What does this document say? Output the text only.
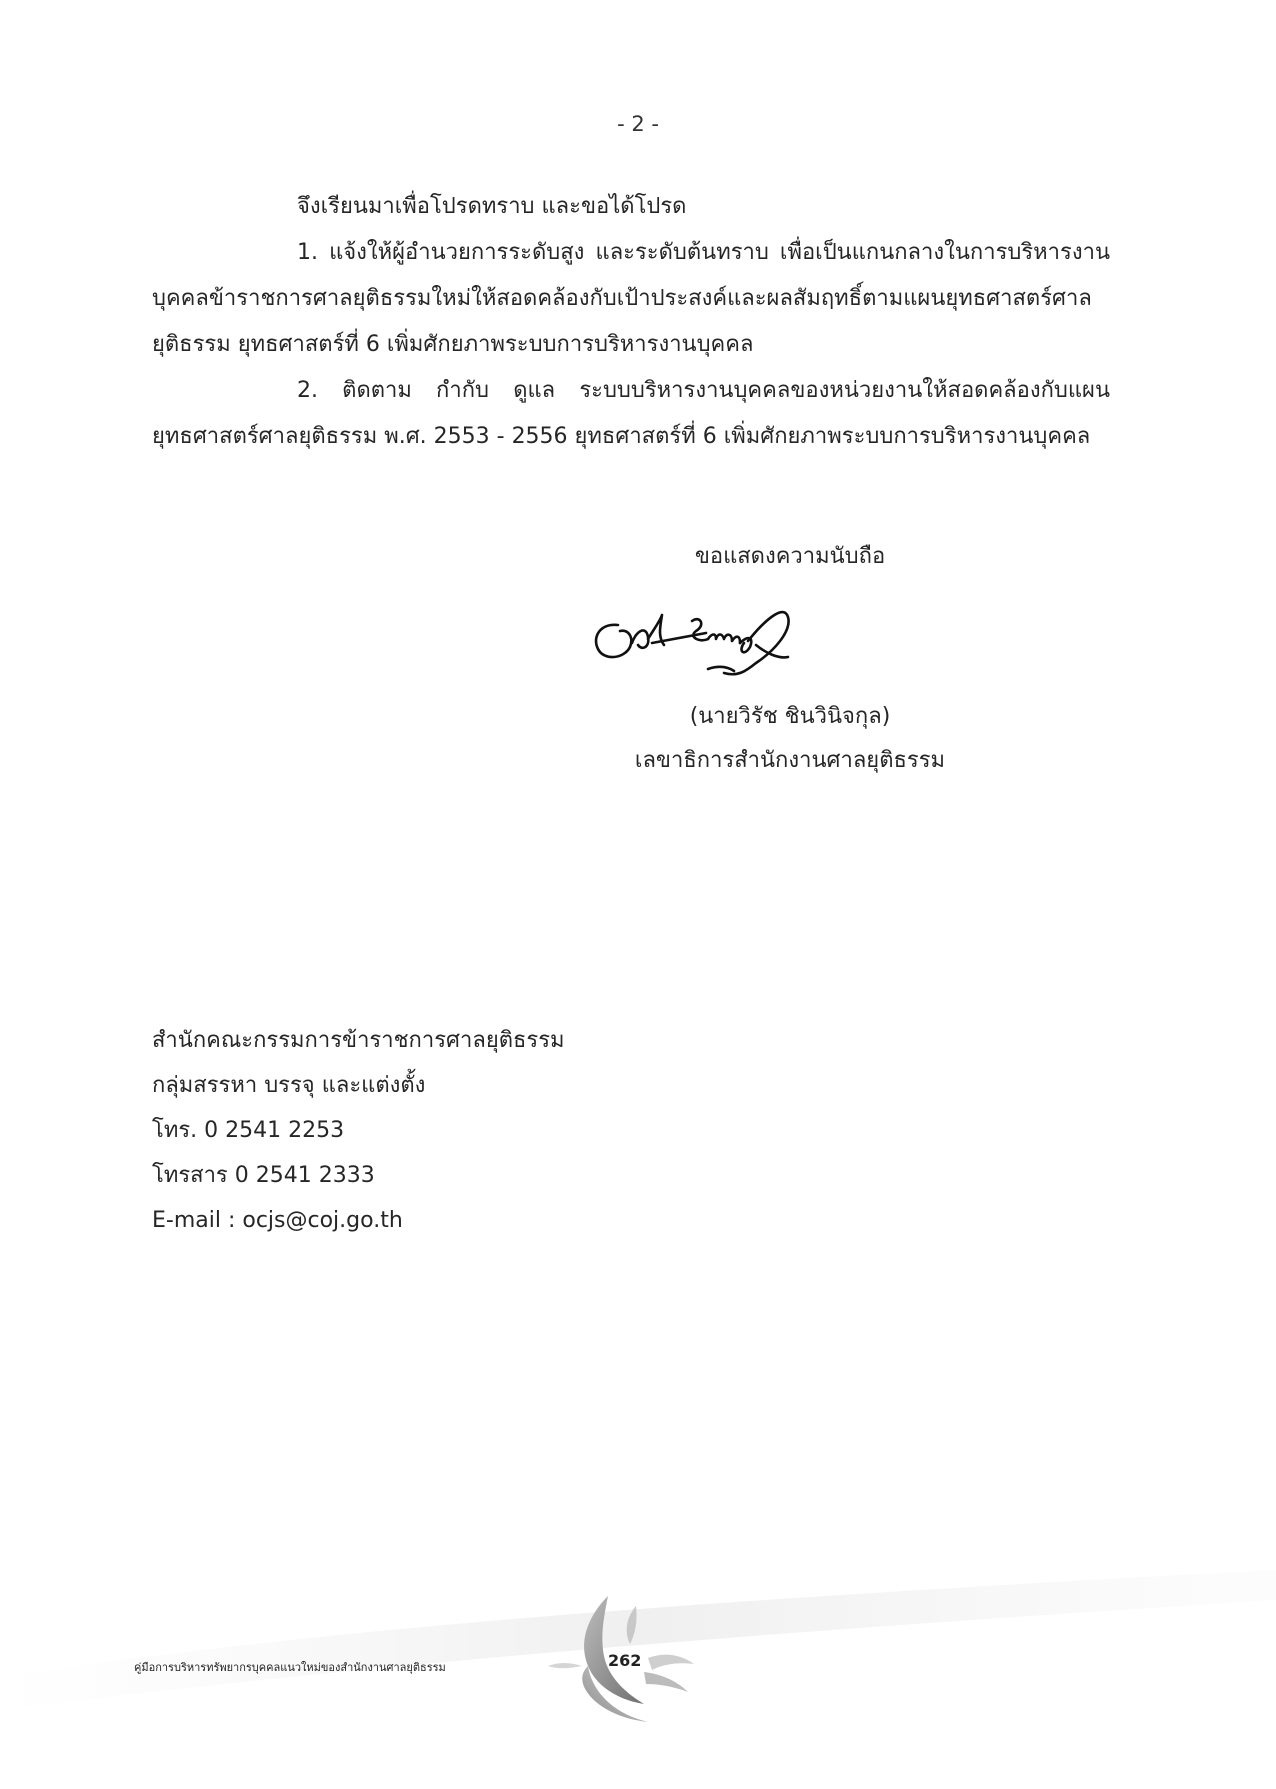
- 2 -

จึงเรียนมาเพื่อโปรดทราบ และขอได้โปรด

1. แจ้งให้ผู้อำนวยการระดับสูง และระดับต้นทราบ เพื่อเป็นแกนกลางในการบริหารงานบุคคลข้าราชการศาลยุติธรรมใหม่ให้สอดคล้องกับเป้าประสงค์และผลสัมฤทธิ์ตามแผนยุทธศาสตร์ศาลยุติธรรม ยุทธศาสตร์ที่ 6 เพิ่มศักยภาพระบบการบริหารงานบุคคล

2. ติดตาม กำกับ ดูแล ระบบบริหารงานบุคคลของหน่วยงานให้สอดคล้องกับแผนยุทธศาสตร์ศาลยุติธรรม พ.ศ. 2553 - 2556 ยุทธศาสตร์ที่ 6 เพิ่มศักยภาพระบบการบริหารงานบุคคล

ขอแสดงความนับถือ
(นายวิรัช ชินวินิจกุล)
เลขาธิการสำนักงานศาลยุติธรรม
สำนักคณะกรรมการข้าราชการศาลยุติธรรม
กลุ่มสรรหา บรรจุ และแต่งตั้ง
โทร. 0 2541 2253
โทรสาร 0 2541 2333
E-mail : ocjs@coj.go.th
คู่มือการบริหารทรัพยากรบุคคลแนวใหม่ของสำนักงานศาลยุติธรรม	262
